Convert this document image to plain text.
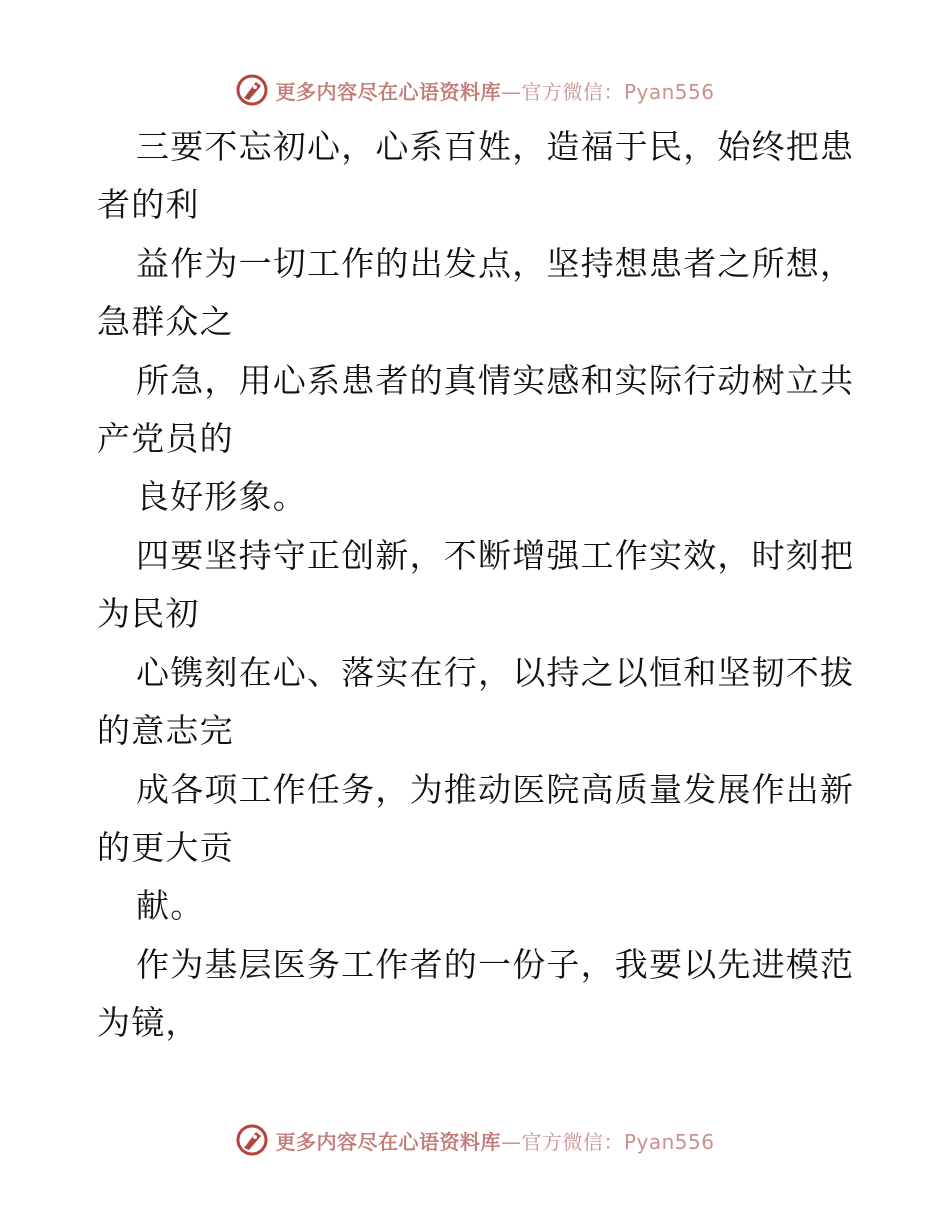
更多内容尽在心语资料库—官方微信：Pyan556
三要不忘初心，心系百姓，造福于民，始终把患
者的利
益作为一切工作的出发点，坚持想患者之所想，
急群众之
所急，用心系患者的真情实感和实际行动树立共
产党员的
良好形象。
四要坚持守正创新，不断增强工作实效，时刻把
为民初
心镌刻在心、落实在行，以持之以恒和坚韧不拔
的意志完
成各项工作任务，为推动医院高质量发展作出新
的更大贡
献。
作为基层医务工作者的一份子，我要以先进模范
为镜，
更多内容尽在心语资料库—官方微信：Pyan556
